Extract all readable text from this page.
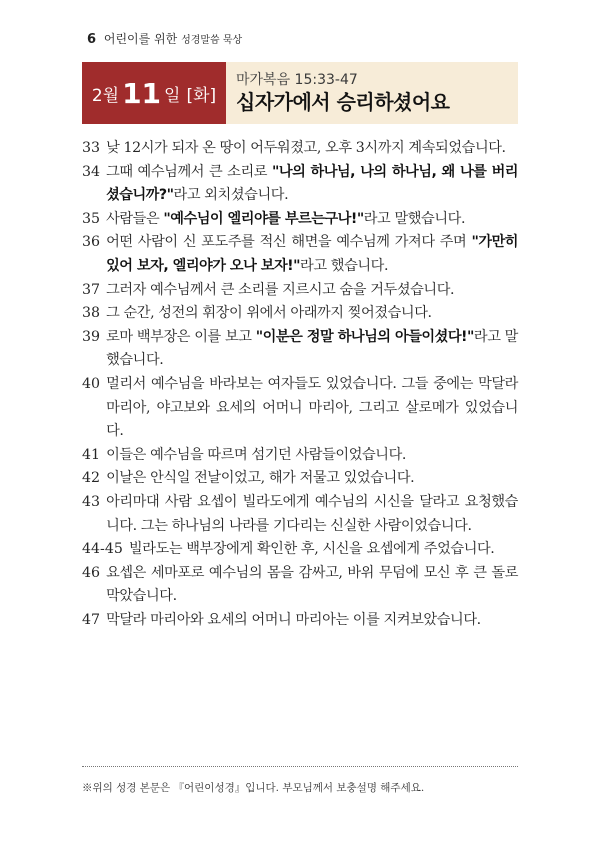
6 어린이를 위한 성경말씀 묵상
2월 11 일 [화]
마가복음 15:33-47
십자가에서 승리하셨어요
33 낮 12시가 되자 온 땅이 어두워졌고, 오후 3시까지 계속되었습니다.
34 그때 예수님께서 큰 소리로 "나의 하나님, 나의 하나님, 왜 나를 버리셨습니까?"라고 외치셨습니다.
35 사람들은 "예수님이 엘리야를 부르는구나!"라고 말했습니다.
36 어떤 사람이 신 포도주를 적신 해면을 예수님께 가져다 주며 "가만히 있어 보자, 엘리야가 오나 보자!"라고 했습니다.
37 그러자 예수님께서 큰 소리를 지르시고 숨을 거두셨습니다.
38 그 순간, 성전의 휘장이 위에서 아래까지 찢어졌습니다.
39 로마 백부장은 이를 보고 "이분은 정말 하나님의 아들이셨다!"라고 말했습니다.
40 멀리서 예수님을 바라보는 여자들도 있었습니다. 그들 중에는 막달라 마리아, 야고보와 요세의 어머니 마리아, 그리고 살로메가 있었습니다.
41 이들은 예수님을 따르며 섬기던 사람들이었습니다.
42 이날은 안식일 전날이었고, 해가 저물고 있었습니다.
43 아리마대 사람 요셉이 빌라도에게 예수님의 시신을 달라고 요청했습니다. 그는 하나님의 나라를 기다리는 신실한 사람이었습니다.
44-45 빌라도는 백부장에게 확인한 후, 시신을 요셉에게 주었습니다.
46 요셉은 세마포로 예수님의 몸을 감싸고, 바위 무덤에 모신 후 큰 돌로 막았습니다.
47 막달라 마리아와 요세의 어머니 마리아는 이를 지켜보았습니다.
※위의 성경 본문은 『어린이성경』입니다. 부모님께서 보충설명 해주세요.
